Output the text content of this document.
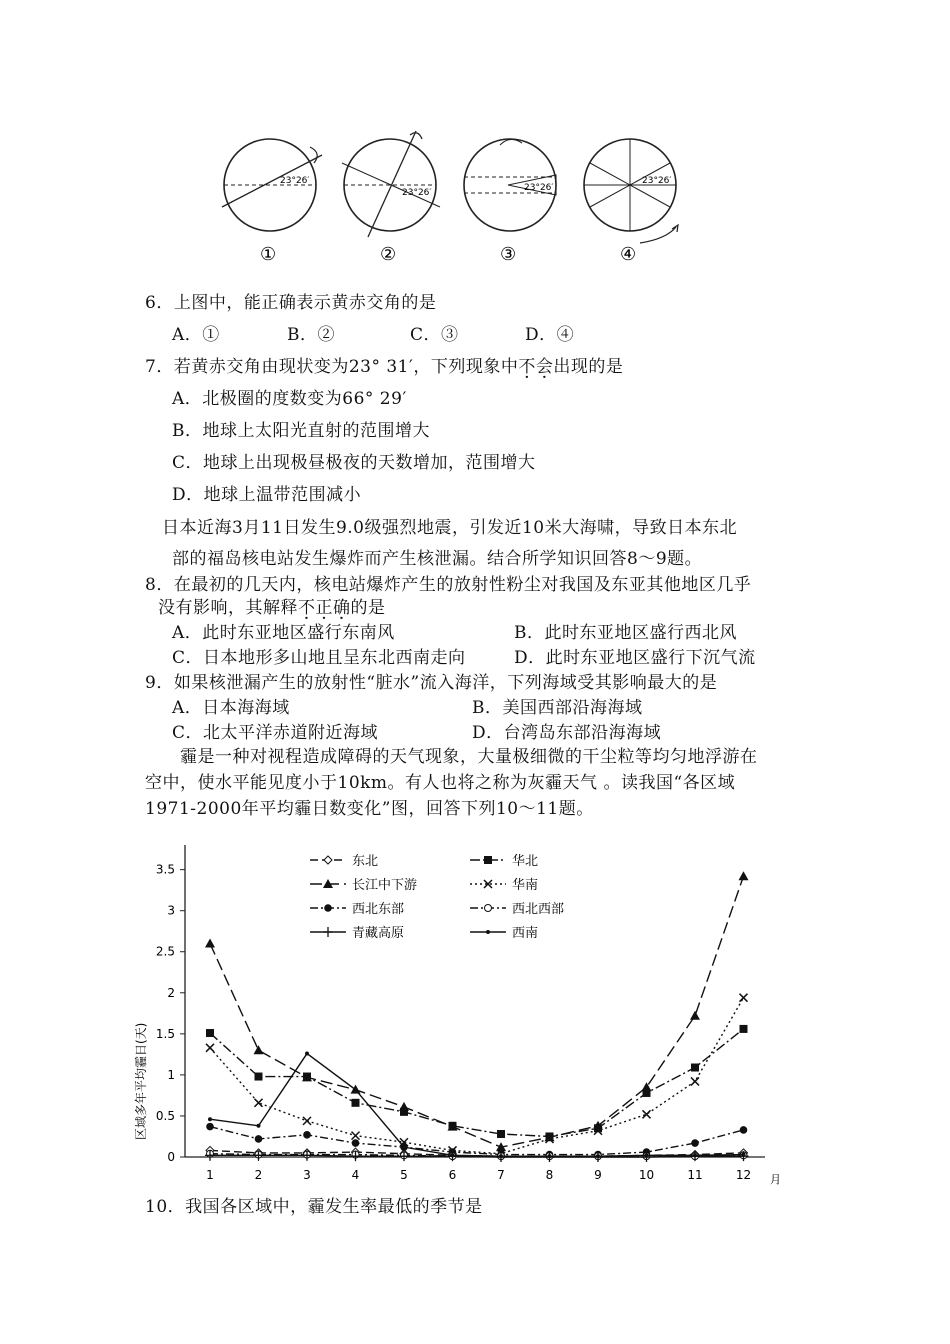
23°26′
23°26′	23°26′
23°26′
①	②	③	④
6．上图中，能正确表示黄赤交角的是
A．①	B．②	C．③	D．④
7．若黄赤交角由现状变为23° 31′，下列现象中不会出现的是
A．北极圈的度数变为66° 29′
B．地球上太阳光直射的范围增大
C．地球上出现极昼极夜的天数增加，范围增大
D．地球上温带范围减小
日本近海3月11日发生9.0级强烈地震，引发近10米大海啸，导致日本东北
部的福岛核电站发生爆炸而产生核泄漏。结合所学知识回答8～9题。
8．在最初的几天内，核电站爆炸产生的放射性粉尘对我国及东亚其他地区几乎
没有影响，其解释不正确的是
A．此时东亚地区盛行东南风	B．此时东亚地区盛行西北风
C．日本地形多山地且呈东北西南走向	D．此时东亚地区盛行下沉气流
9．如果核泄漏产生的放射性“脏水”流入海洋，下列海域受其影响最大的是
A．日本海海域	B．美国西部沿海海域
C．北太平洋赤道附近海域	D．台湾岛东部沿海海域
霾是一种对视程造成障碍的天气现象，大量极细微的干尘粒等均匀地浮游在
空中，使水平能见度小于10km。有人也将之称为灰霾天气 。读我国“各区域
1971-2000年平均霾日数变化”图，回答下列10～11题。
0
0.5
1
1.5
2
2.5
3
3.5
1	2	3	4	5	6	7	8	9	10	11	12
区域多年平均霾日(天)
月
东北	华北
长江中下游	华南
西北东部	西北西部
青藏高原	西南
10．我国各区域中，霾发生率最低的季节是
